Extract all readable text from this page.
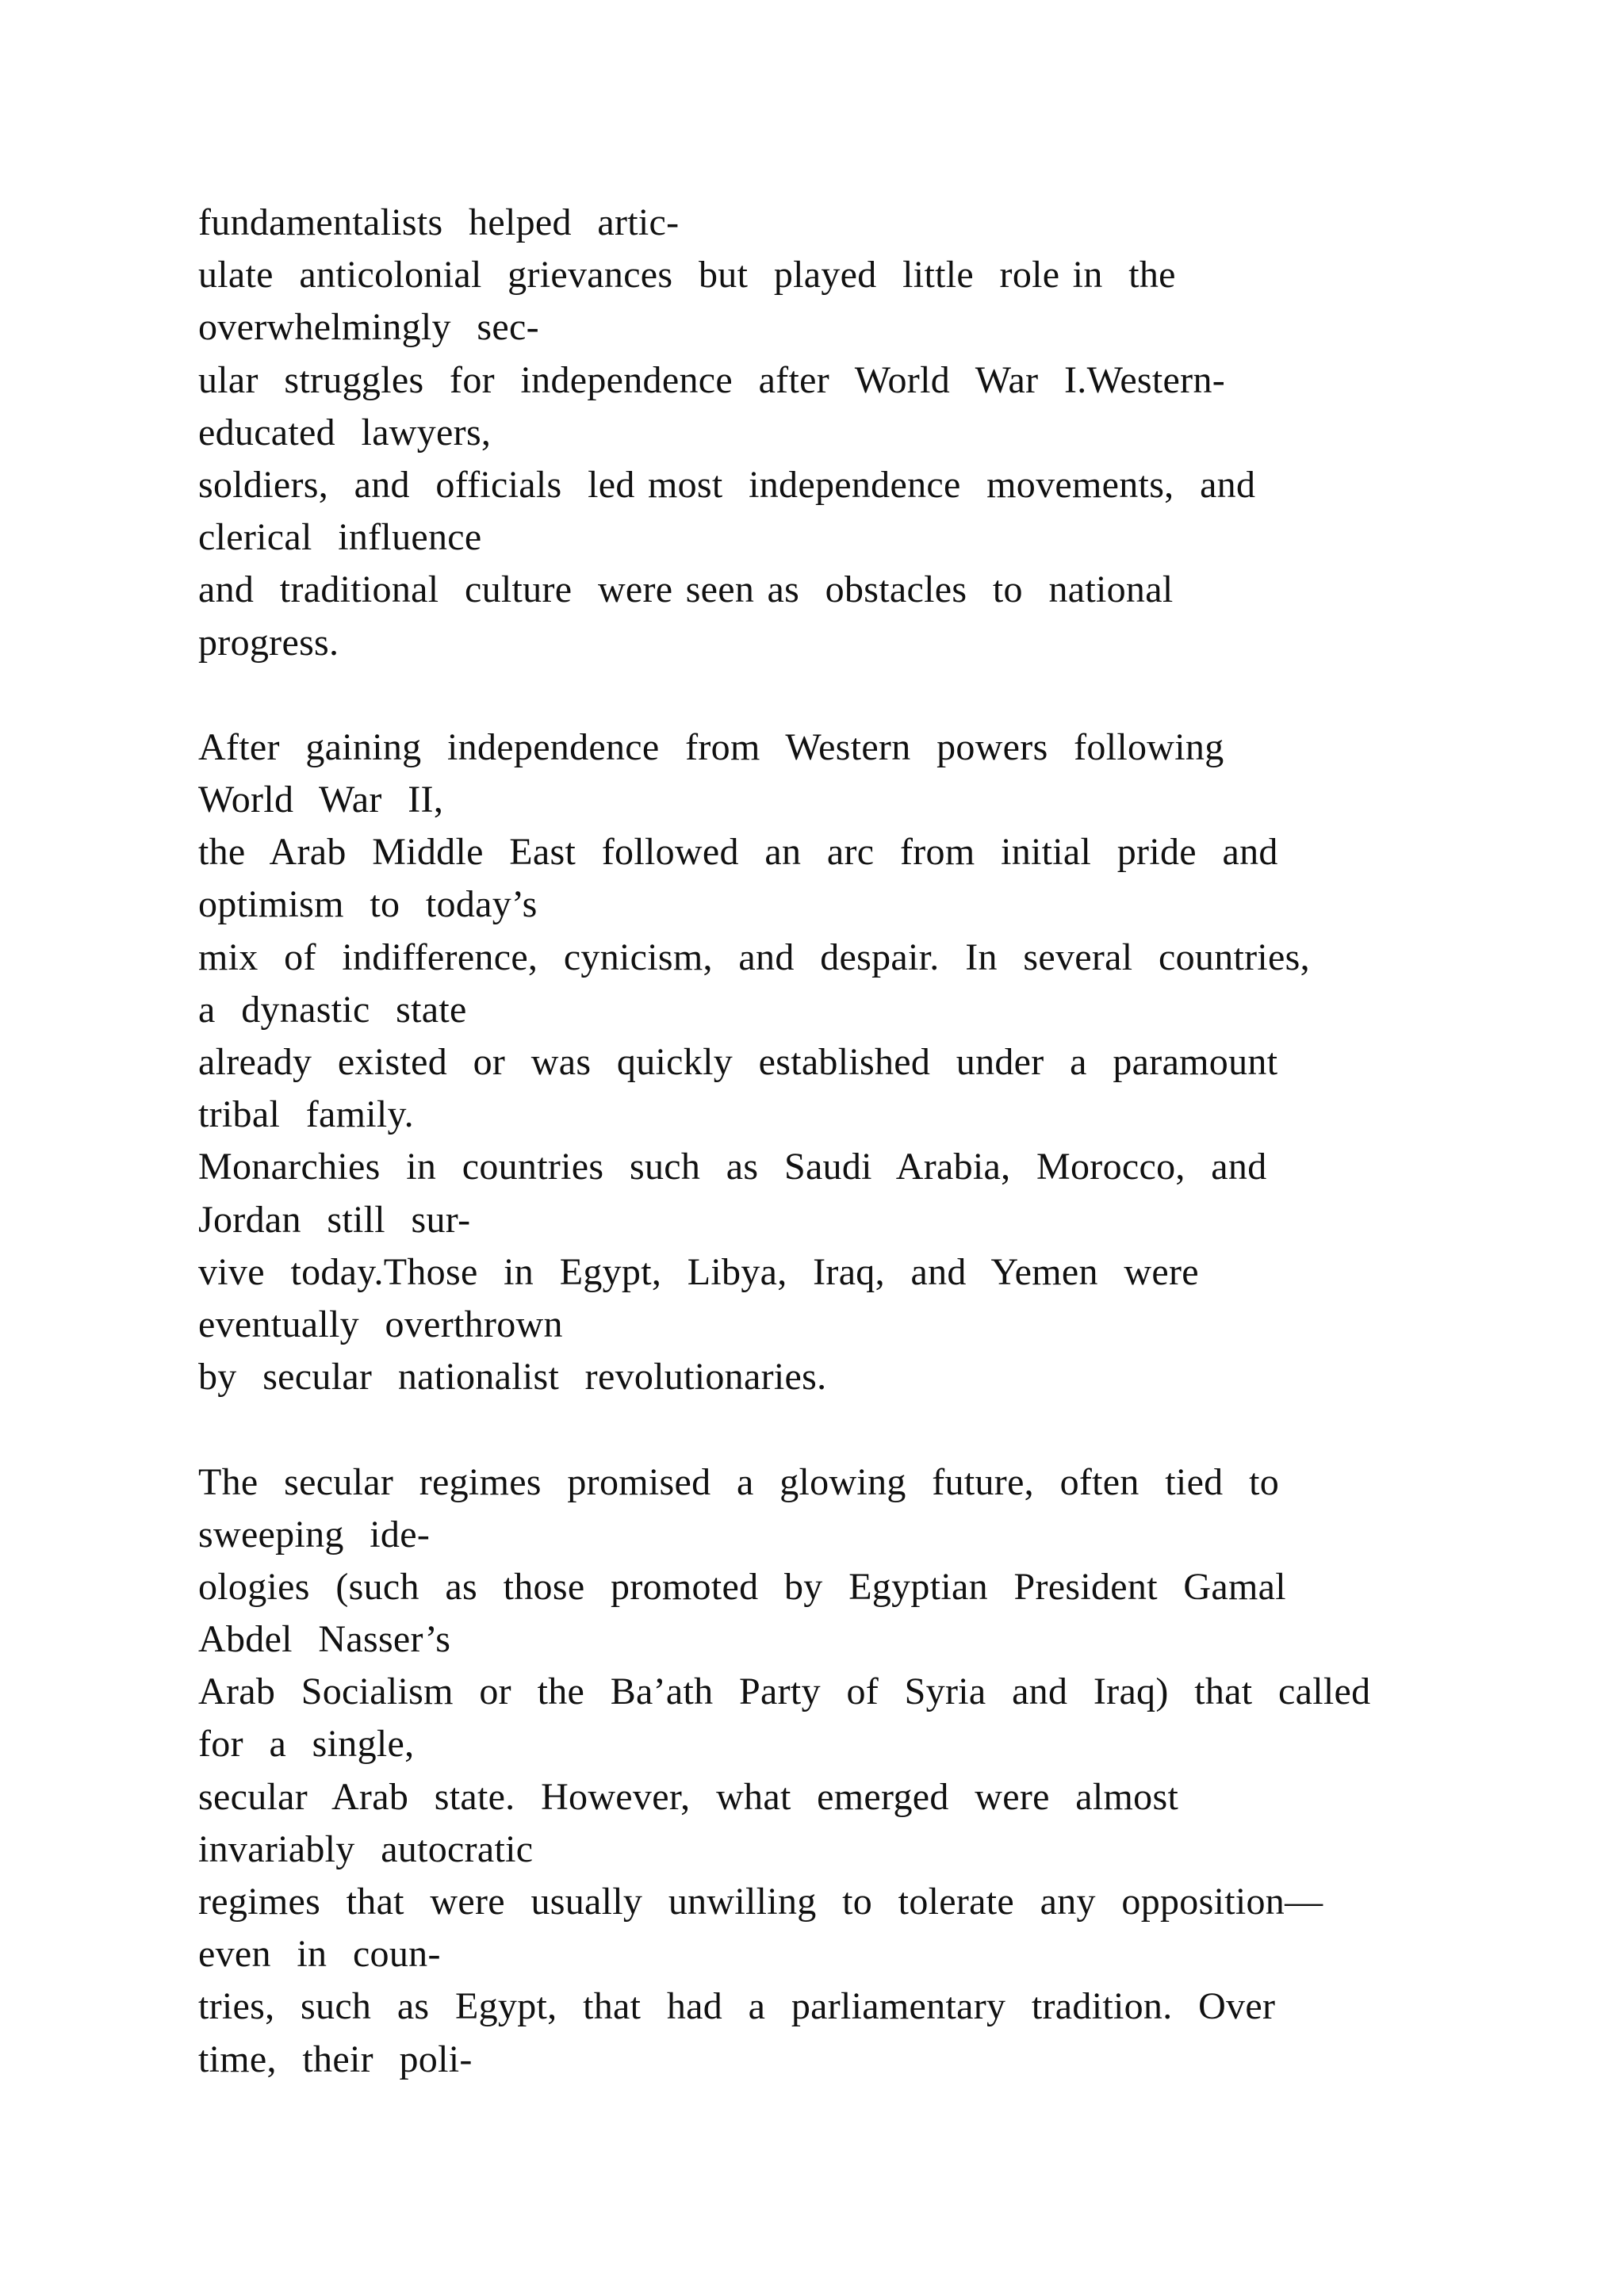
fundamentalists  helped  artic-
ulate  anticolonial  grievances  but  played  little  role in  the
overwhelmingly  sec-
ular  struggles  for  independence  after  World  War  I.Western-
educated  lawyers,
soldiers,  and  officials  led most  independence  movements,  and
clerical  influence
and  traditional  culture  were seen as  obstacles  to  national
progress.
After  gaining  independence  from  Western  powers  following
World  War  II,
the  Arab  Middle  East  followed  an  arc  from  initial  pride  and
optimism  to  today’s
mix  of  indifference,  cynicism,  and  despair.  In  several  countries,
a  dynastic  state
already  existed  or  was  quickly  established  under  a  paramount
tribal  family.
Monarchies  in  countries  such  as  Saudi  Arabia,  Morocco,  and
Jordan  still  sur-
vive  today.Those  in  Egypt,  Libya,  Iraq,  and  Yemen  were
eventually  overthrown
by  secular  nationalist  revolutionaries.
The  secular  regimes  promised  a  glowing  future,  often  tied  to
sweeping  ide-
ologies  (such  as  those  promoted  by  Egyptian  President  Gamal
Abdel  Nasser’s
Arab  Socialism  or  the  Ba’ath  Party  of  Syria  and  Iraq)  that  called
for  a  single,
secular  Arab  state.  However,  what  emerged  were  almost
invariably  autocratic
regimes  that  were  usually  unwilling  to  tolerate  any  opposition—
even  in  coun-
tries,  such  as  Egypt,  that  had  a  parliamentary  tradition.  Over
time,  their  poli-
